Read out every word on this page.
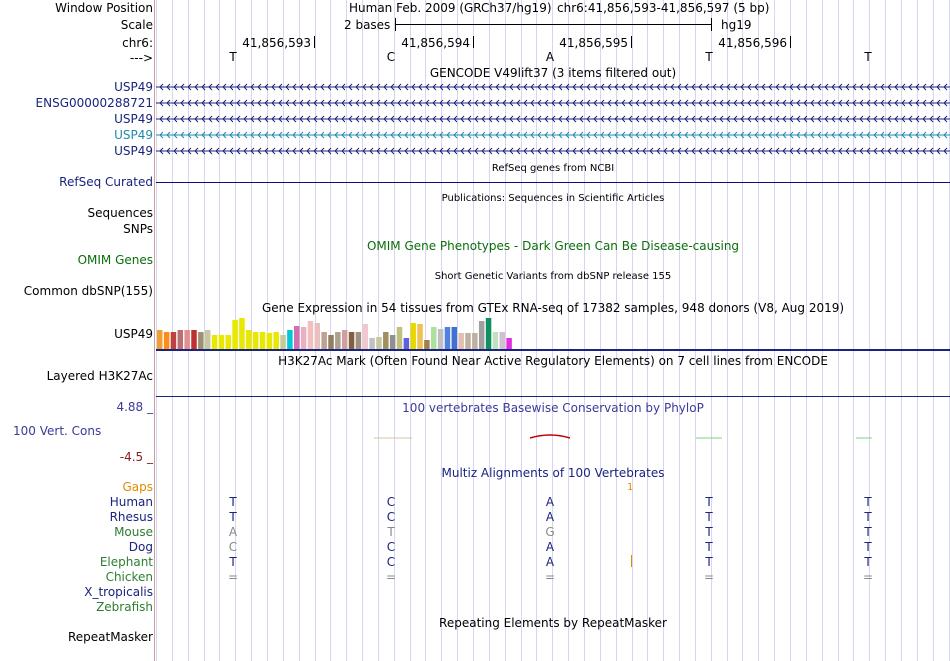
Window Position
Scale
chr6:
--->
Human Feb. 2009 (GRCh37/hg19) chr6:41,856,593-41,856,597 (5 bp)
2 bases	hg19
41,856,593	41,856,594	41,856,595	41,856,596
T	C	A	T	T
GENCODE V49lift37 (3 items filtered out)
USP49
ENSG00000288721
USP49
USP49
USP49
RefSeq genes from NCBI
RefSeq Curated
Publications: Sequences in Scientific Articles
Sequences
SNPs
OMIM Gene Phenotypes - Dark Green Can Be Disease-causing
OMIM Genes
Short Genetic Variants from dbSNP release 155
Common dbSNP(155)
Gene Expression in 54 tissues from GTEx RNA-seq of 17382 samples, 948 donors (V8, Aug 2019)
USP49
H3K27Ac Mark (Often Found Near Active Regulatory Elements) on 7 cell lines from ENCODE
Layered H3K27Ac
100 vertebrates Basewise Conservation by PhyloP
4.88 _
100 Vert. Cons
-4.5 _
Multiz Alignments of 100 Vertebrates
Gaps	1
Human	T	C	A	T	T
Rhesus	T	C	A	T	T
Mouse	A	T	G	T	T
Dog	C	C	A	T	T
Elephant	T	C	A	T	T
Chicken	=	=	=	=	=
X_tropicalis
Zebrafish
Repeating Elements by RepeatMasker
RepeatMasker
